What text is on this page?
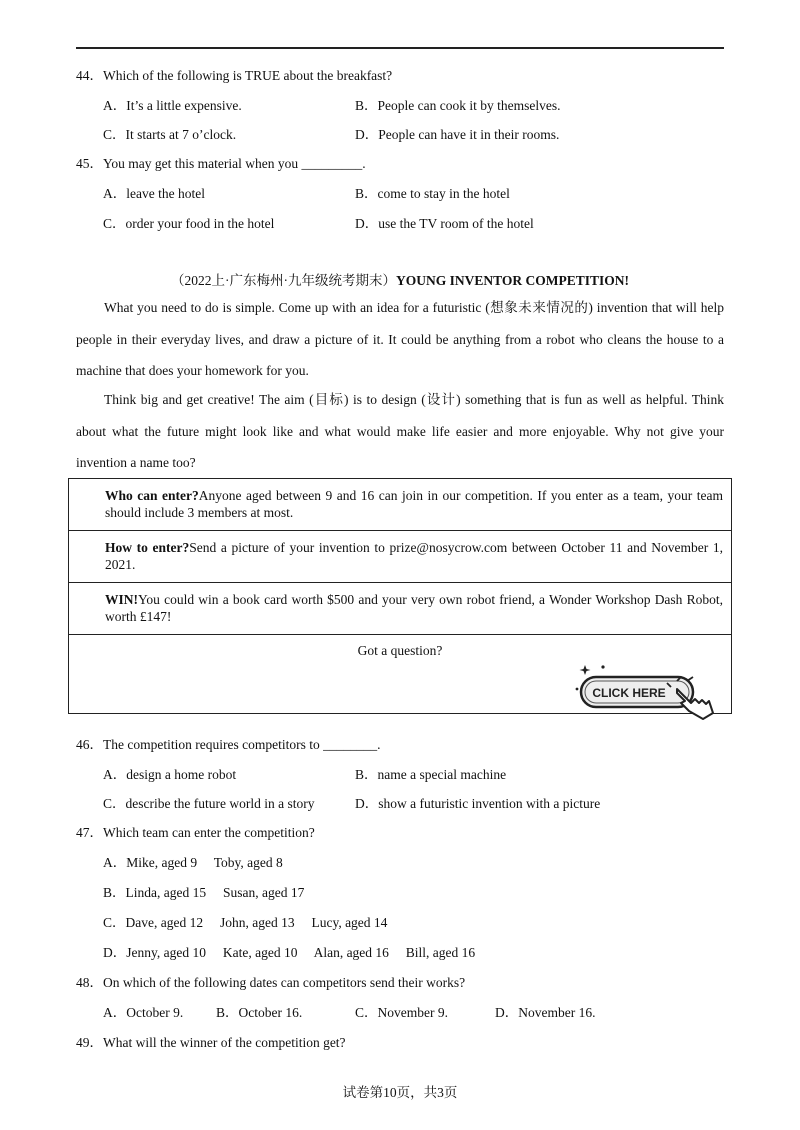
44．Which of the following is TRUE about the breakfast?
A．It’s a little expensive.	B．People can cook it by themselves.
C．It starts at 7 o’clock.	D．People can have it in their rooms.
45．You may get this material when you _________.
A．leave the hotel	B．come to stay in the hotel
C．order your food in the hotel	D．use the TV room of the hotel
（2022上·广东梅州·九年级统考期末）YOUNG INVENTOR COMPETITION!
What you need to do is simple. Come up with an idea for a futuristic (想象未来情况的) invention that will help people in their everyday lives, and draw a picture of it. It could be anything from a robot who cleans the house to a machine that does your homework for you.
Think big and get creative! The aim (目标) is to design (设计) something that is fun as well as helpful. Think about what the future might look like and what would make life easier and more enjoyable. Why not give your invention a name too?
Who can enter?Anyone aged between 9 and 16 can join in our competition. If you enter as a team, your team should include 3 members at most.
How to enter?Send a picture of your invention to prize@nosycrow.com between October 11 and November 1, 2021.
WIN!You could win a book card worth $500 and your very own robot friend, a Wonder Workshop Dash Robot, worth £147!
Got a question?
CLICK HERE
46．The competition requires competitors to ________.
A．design a home robot	B．name a special machine
C．describe the future world in a story	D．show a futuristic invention with a picture
47．Which team can enter the competition?
A．Mike, aged 9　 Toby, aged 8
B．Linda, aged 15　 Susan, aged 17
C．Dave, aged 12　 John, aged 13　 Lucy, aged 14
D．Jenny, aged 10　 Kate, aged 10　 Alan, aged 16　 Bill, aged 16
48．On which of the following dates can competitors send their works?
A．October 9. B．October 16.	C．November 9.	D．November 16.
49．What will the winner of the competition get?
试卷第10页，共3页
